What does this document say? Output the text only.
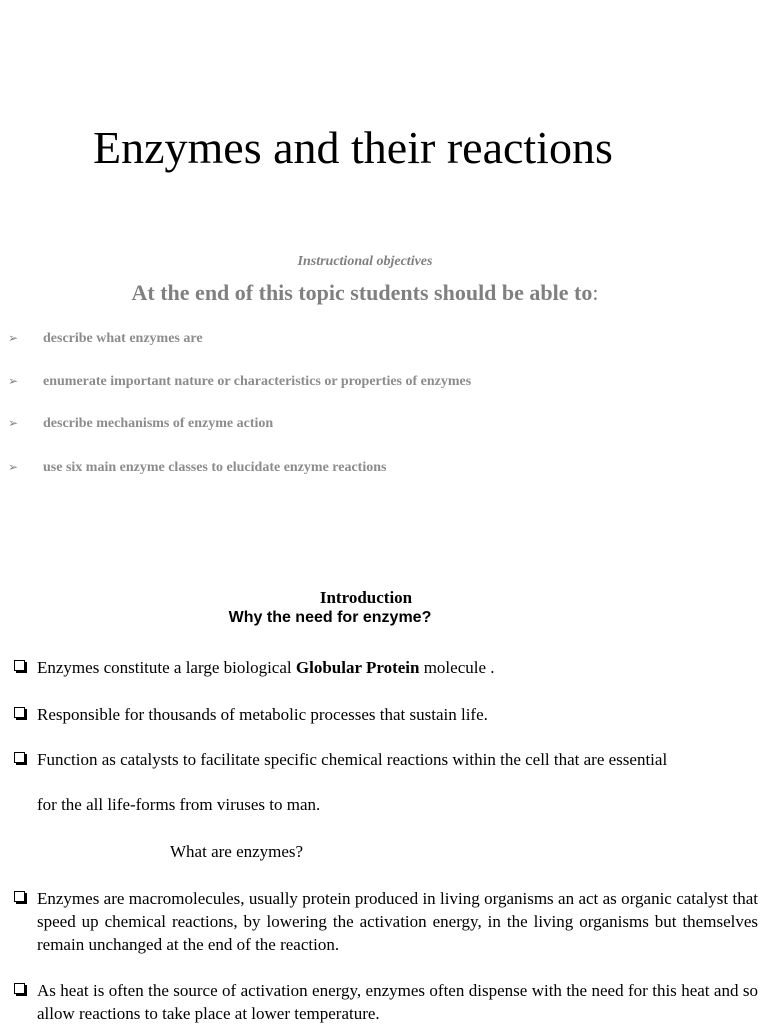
Enzymes and their reactions
Instructional objectives
At the end of this topic students should be able to:
➢ describe what enzymes are
➢ enumerate important nature or characteristics or properties of enzymes
➢ describe mechanisms of enzyme action
➢ use six main enzyme classes to elucidate enzyme reactions
Introduction
Why the need for enzyme?
Enzymes constitute a large biological Globular Protein molecule .
Responsible for thousands of metabolic processes that sustain life.
Function as catalysts to facilitate specific chemical reactions within the cell that are essential
for the all life-forms from viruses to man.
What are enzymes?
Enzymes are macromolecules, usually protein produced in living organisms an act as organic catalyst that speed up chemical reactions, by lowering the activation energy, in the living organisms but themselves remain unchanged at the end of the reaction.
As heat is often the source of activation energy, enzymes often dispense with the need for this heat and so allow reactions to take place at lower temperature.
